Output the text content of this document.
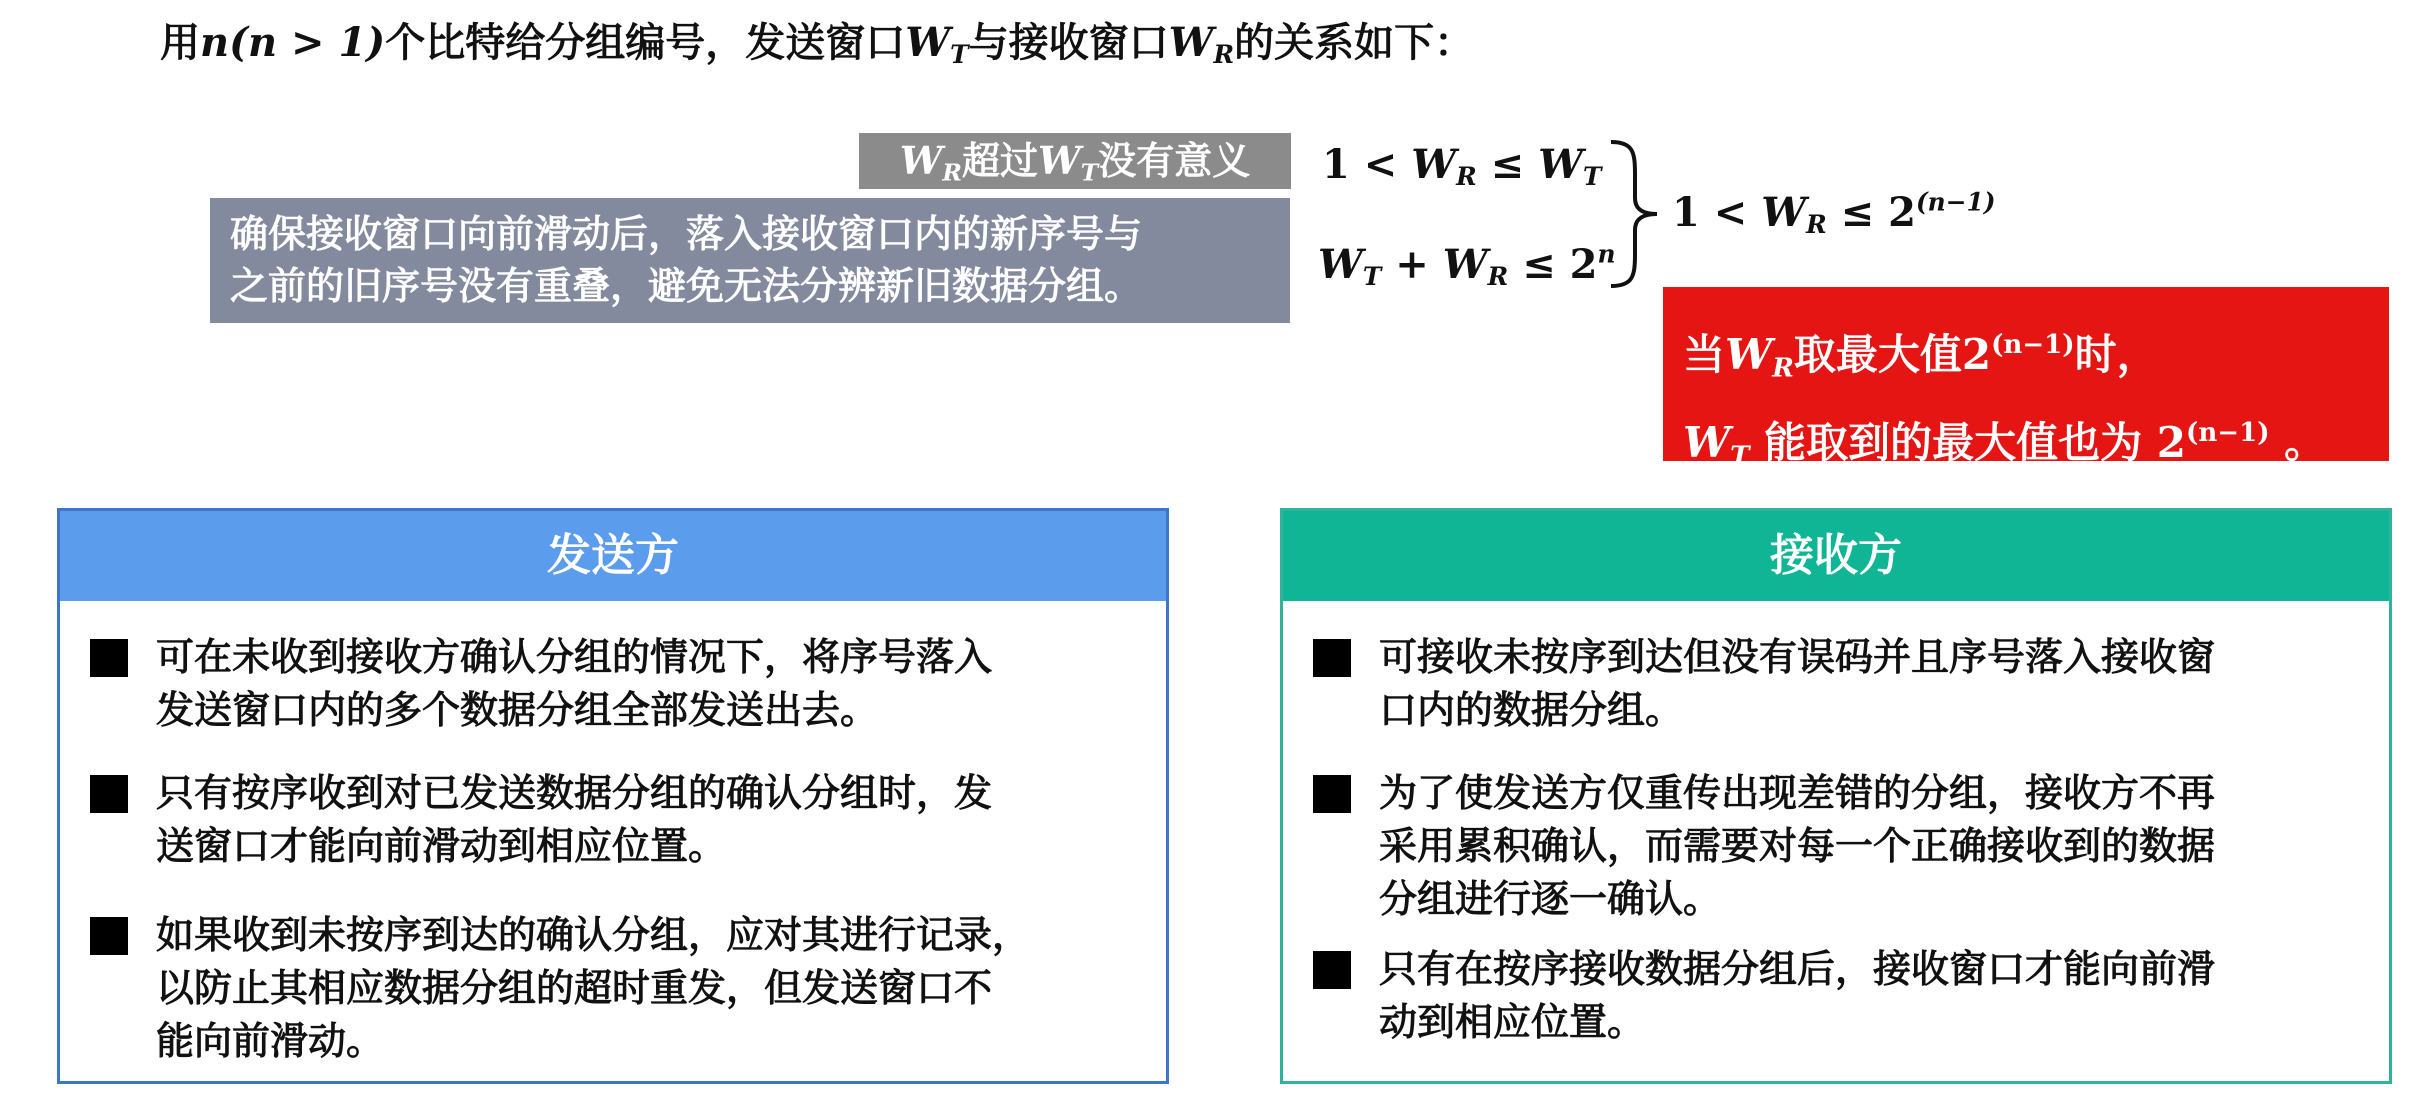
用n(n > 1)个比特给分组编号，发送窗口$W_T$与接收窗口$W_R$的关系如下：
$W_R$超过$W_T$没有意义
确保接收窗口向前滑动后，落入接收窗口内的新序号与
之前的旧序号没有重叠，避免无法分辨新旧数据分组。
$1 < W_R \le W_T$
$W_T + W_R \le 2^n$
$1 < W_R \le 2^{(n-1)}$
当$W_R$取最大值$2^{(n-1)}$时，
$W_T$ 能取到的最大值也为 $2^{(n-1)}$ 。
发送方
可在未收到接收方确认分组的情况下，将序号落入
发送窗口内的多个数据分组全部发送出去。
只有按序收到对已发送数据分组的确认分组时，发
送窗口才能向前滑动到相应位置。
如果收到未按序到达的确认分组，应对其进行记录，
以防止其相应数据分组的超时重发，但发送窗口不
能向前滑动。
接收方
可接收未按序到达但没有误码并且序号落入接收窗
口内的数据分组。
为了使发送方仅重传出现差错的分组，接收方不再
采用累积确认，而需要对每一个正确接收到的数据
分组进行逐一确认。
只有在按序接收数据分组后，接收窗口才能向前滑
动到相应位置。
